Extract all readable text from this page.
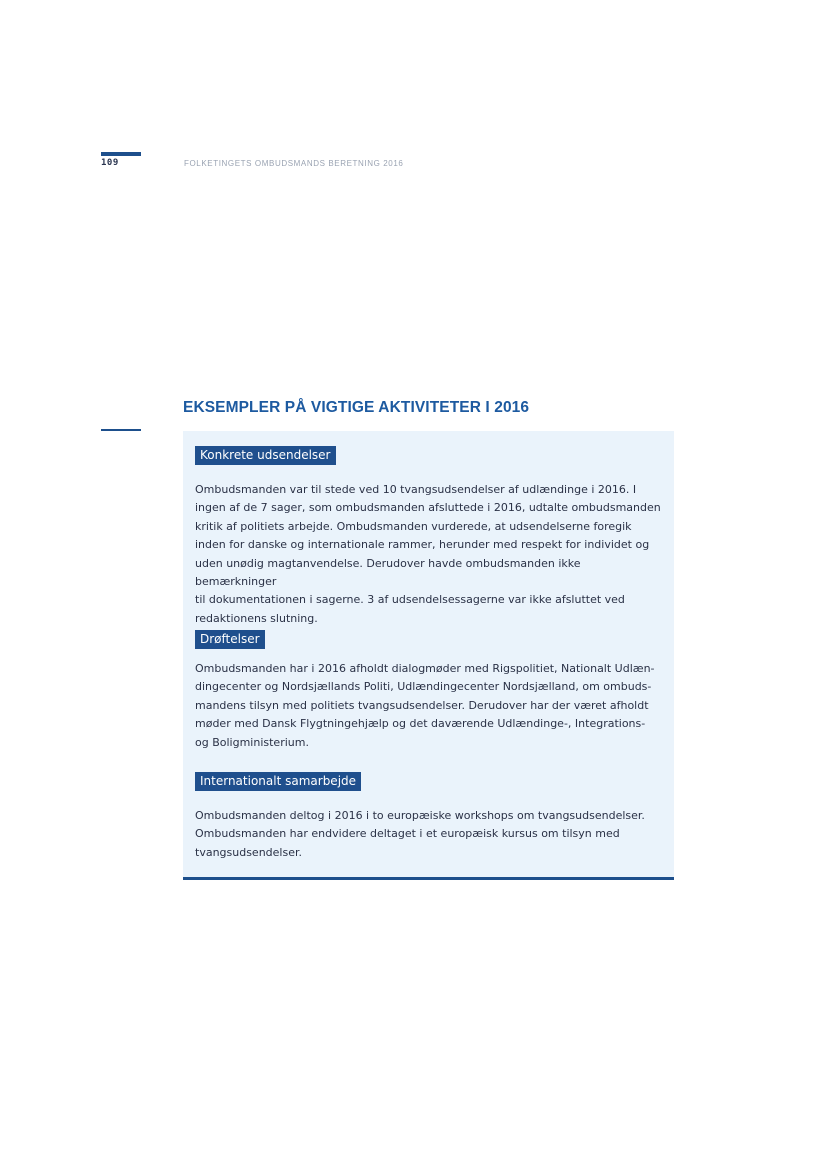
109	FOLKETINGETS OMBUDSMANDS BERETNING 2016
EKSEMPLER PÅ VIGTIGE AKTIVITETER I 2016
Konkrete udsendelser

Ombudsmanden var til stede ved 10 tvangsudsendelser af udlændinge i 2016. I
ingen af de 7 sager, som ombudsmanden afsluttede i 2016, udtalte ombudsmanden
kritik af politiets arbejde. Ombudsmanden vurderede, at udsendelserne foregik
inden for danske og internationale rammer, herunder med respekt for individet og
uden unødig magtanvendelse. Derudover havde ombudsmanden ikke bemærkninger
til dokumentationen i sagerne. 3 af udsendelsessagerne var ikke afsluttet ved
redaktionens slutning.

Drøftelser

Ombudsmanden har i 2016 afholdt dialogmøder med Rigspolitiet, Nationalt Udlæn-
dingecenter og Nordsjællands Politi, Udlændingecenter Nordsjælland, om ombuds-
mandens tilsyn med politiets tvangsudsendelser. Derudover har der været afholdt
møder med Dansk Flygtningehjælp og det daværende Udlændinge-, Integrations-
og Boligministerium.

Internationalt samarbejde

Ombudsmanden deltog i 2016 i to europæiske workshops om tvangsudsendelser.
Ombudsmanden har endvidere deltaget i et europæisk kursus om tilsyn med
tvangsudsendelser.
